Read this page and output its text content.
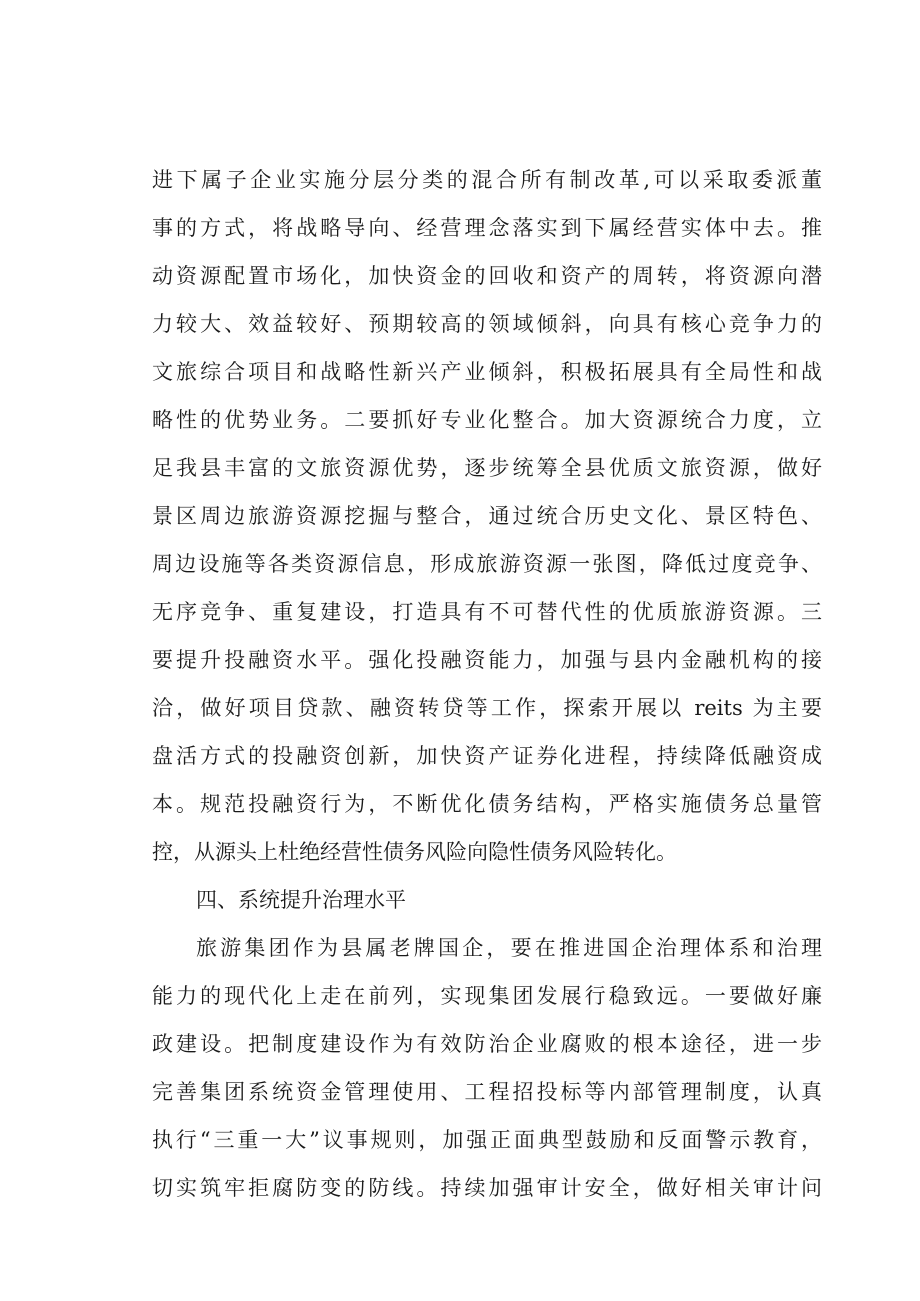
进下属子企业实施分层分类的混合所有制改革,可以采取委派董
事的方式，将战略导向、经营理念落实到下属经营实体中去。推
动资源配置市场化，加快资金的回收和资产的周转，将资源向潜
力较大、效益较好、预期较高的领域倾斜，向具有核心竞争力的
文旅综合项目和战略性新兴产业倾斜，积极拓展具有全局性和战
略性的优势业务。二要抓好专业化整合。加大资源统合力度，立
足我县丰富的文旅资源优势，逐步统筹全县优质文旅资源，做好
景区周边旅游资源挖掘与整合，通过统合历史文化、景区特色、
周边设施等各类资源信息，形成旅游资源一张图，降低过度竞争、
无序竞争、重复建设，打造具有不可替代性的优质旅游资源。三
要提升投融资水平。强化投融资能力，加强与县内金融机构的接
洽，做好项目贷款、融资转贷等工作，探索开展以 reits 为主要
盘活方式的投融资创新，加快资产证券化进程，持续降低融资成
本。规范投融资行为，不断优化债务结构，严格实施债务总量管
控，从源头上杜绝经营性债务风险向隐性债务风险转化。
四、系统提升治理水平
旅游集团作为县属老牌国企，要在推进国企治理体系和治理
能力的现代化上走在前列，实现集团发展行稳致远。一要做好廉
政建设。把制度建设作为有效防治企业腐败的根本途径，进一步
完善集团系统资金管理使用、工程招投标等内部管理制度，认真
执行“三重一大”议事规则，加强正面典型鼓励和反面警示教育，
切实筑牢拒腐防变的防线。持续加强审计安全，做好相关审计问
